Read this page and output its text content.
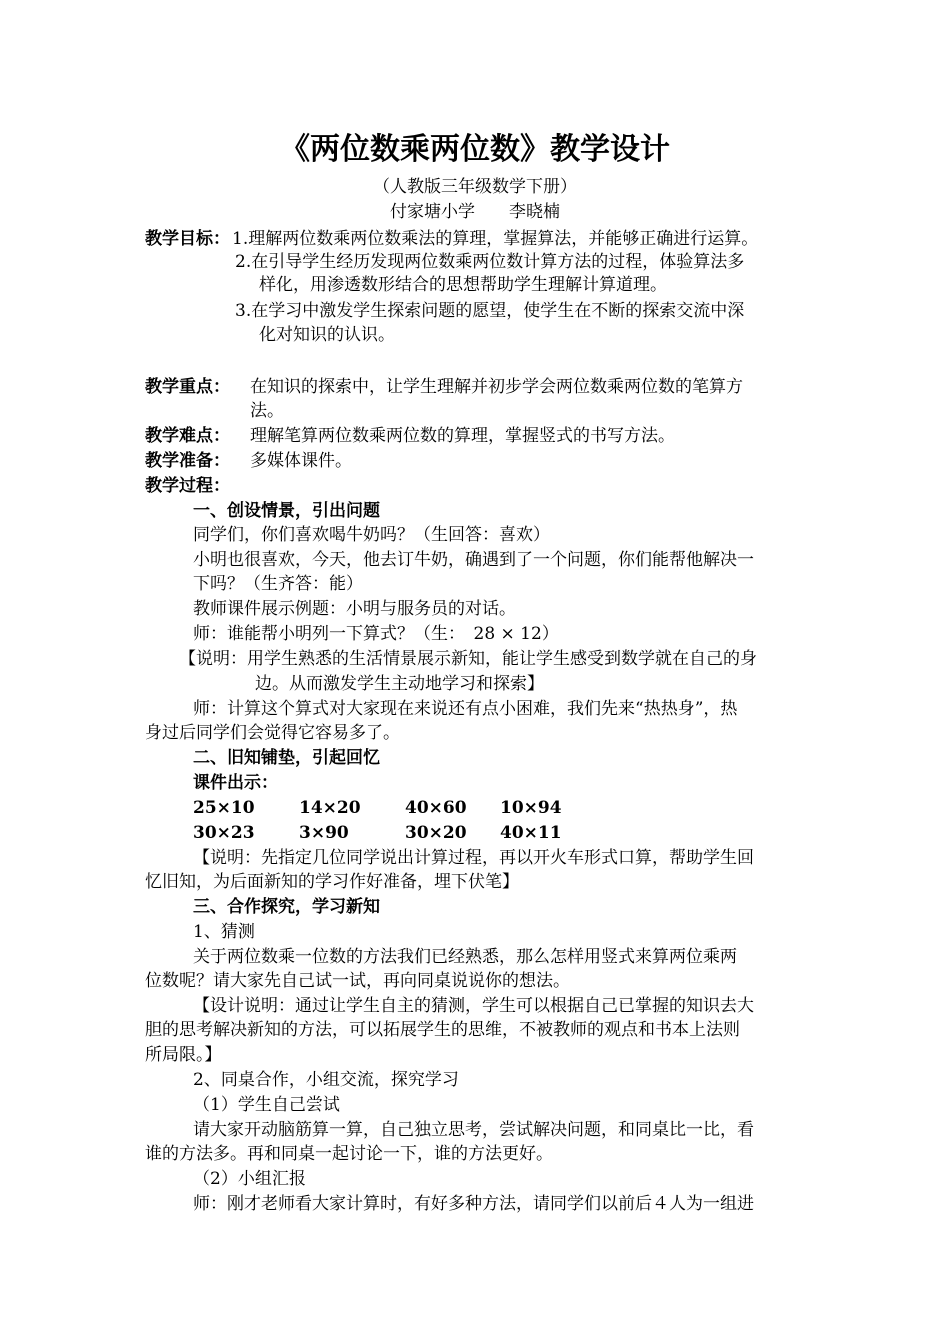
《两位数乘两位数》教学设计
（人教版三年级数学下册）
付家塘小学　　李晓楠
教学目标： 1.理解两位数乘两位数乘法的算理，掌握算法，并能够正确进行运算。
2.在引导学生经历发现两位数乘两位数计算方法的过程，体验算法多
样化，用渗透数形结合的思想帮助学生理解计算道理。
3.在学习中激发学生探索问题的愿望，使学生在不断的探索交流中深
化对知识的认识。
教学重点： 在知识的探索中，让学生理解并初步学会两位数乘两位数的笔算方
法。
教学难点： 理解笔算两位数乘两位数的算理，掌握竖式的书写方法。
教学准备： 多媒体课件。
教学过程：
一、创设情景，引出问题
同学们，你们喜欢喝牛奶吗？（生回答：喜欢）
小明也很喜欢，今天，他去订牛奶，确遇到了一个问题，你们能帮他解决一
下吗？（生齐答：能）
教师课件展示例题：小明与服务员的对话。
师：谁能帮小明列一下算式？（生：　28 × 12）
【说明：用学生熟悉的生活情景展示新知，能让学生感受到数学就在自己的身
边。从而激发学生主动地学习和探索】
师：计算这个算式对大家现在来说还有点小困难，我们先来“热热身”，热
身过后同学们会觉得它容易多了。
二、旧知铺垫，引起回忆
课件出示：
25×10	14×20	40×60 10×94
30×23	3×90	30×20 40×11
【说明：先指定几位同学说出计算过程，再以开火车形式口算，帮助学生回
忆旧知，为后面新知的学习作好准备，埋下伏笔】
三、合作探究，学习新知
1、猜测
关于两位数乘一位数的方法我们已经熟悉，那么怎样用竖式来算两位乘两
位数呢？请大家先自己试一试，再向同桌说说你的想法。
【设计说明：通过让学生自主的猜测，学生可以根据自己已掌握的知识去大
胆的思考解决新知的方法，可以拓展学生的思维，不被教师的观点和书本上法则
所局限。】
2、同桌合作，小组交流，探究学习
（1）学生自己尝试
请大家开动脑筋算一算，自己独立思考，尝试解决问题，和同桌比一比，看
谁的方法多。再和同桌一起讨论一下，谁的方法更好。
（2）小组汇报
师：刚才老师看大家计算时，有好多种方法，请同学们以前后４人为一组进
